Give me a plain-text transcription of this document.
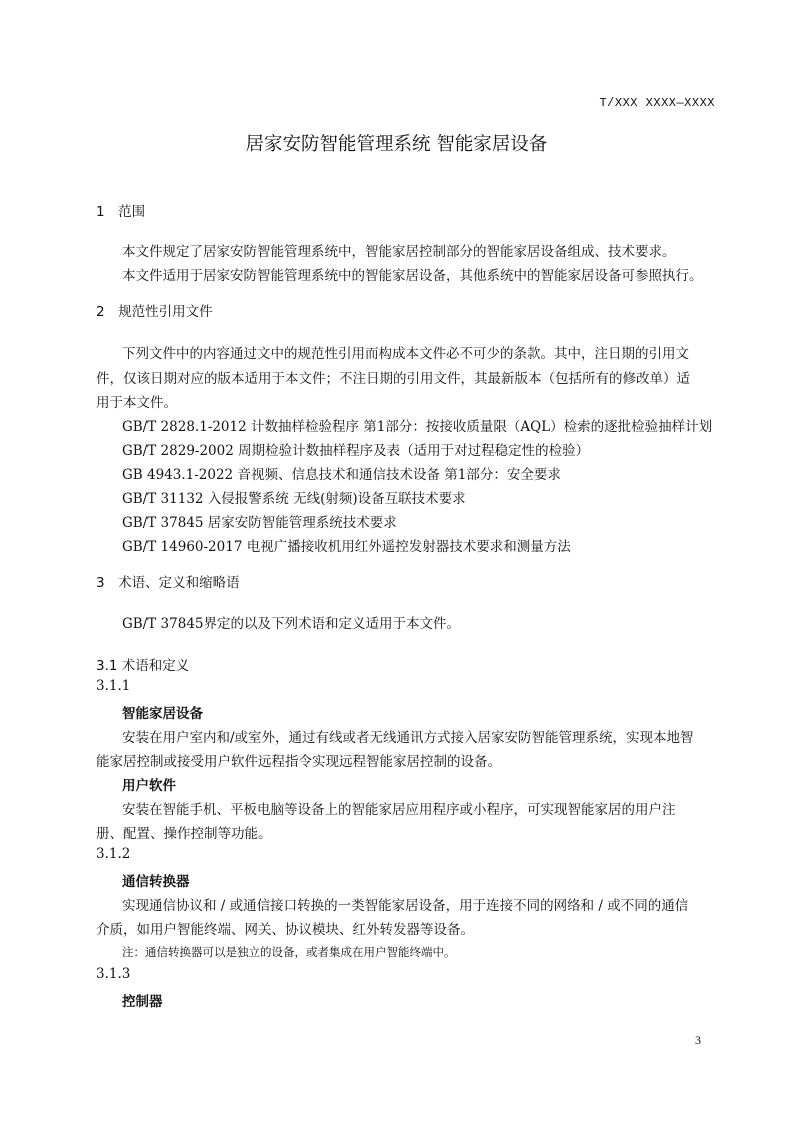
T/XXX XXXX—XXXX
居家安防智能管理系统 智能家居设备
1　范围
本文件规定了居家安防智能管理系统中，智能家居控制部分的智能家居设备组成、技术要求。
本文件适用于居家安防智能管理系统中的智能家居设备，其他系统中的智能家居设备可参照执行。
2　规范性引用文件
下列文件中的内容通过文中的规范性引用而构成本文件必不可少的条款。其中，注日期的引用文
件，仅该日期对应的版本适用于本文件；不注日期的引用文件，其最新版本（包括所有的修改单）适
用于本文件。
GB/T 2828.1-2012 计数抽样检验程序 第1部分：按接收质量限（AQL）检索的逐批检验抽样计划
GB/T 2829-2002 周期检验计数抽样程序及表（适用于对过程稳定性的检验）
GB 4943.1-2022 音视频、信息技术和通信技术设备 第1部分：安全要求
GB/T 31132 入侵报警系统 无线(射频)设备互联技术要求
GB/T 37845 居家安防智能管理系统技术要求
GB/T 14960-2017 电视广播接收机用红外遥控发射器技术要求和测量方法
3　术语、定义和缩略语
GB/T 37845界定的以及下列术语和定义适用于本文件。
3.1 术语和定义
3.1.1
智能家居设备
安装在用户室内和/或室外，通过有线或者无线通讯方式接入居家安防智能管理系统，实现本地智
能家居控制或接受用户软件远程指令实现远程智能家居控制的设备。
用户软件
安装在智能手机、平板电脑等设备上的智能家居应用程序或小程序，可实现智能家居的用户注
册、配置、操作控制等功能。
3.1.2
通信转换器
实现通信协议和 / 或通信接口转换的一类智能家居设备，用于连接不同的网络和 / 或不同的通信
介质，如用户智能终端、网关、协议模块、红外转发器等设备。
注：通信转换器可以是独立的设备，或者集成在用户智能终端中。
3.1.3
控制器
3
